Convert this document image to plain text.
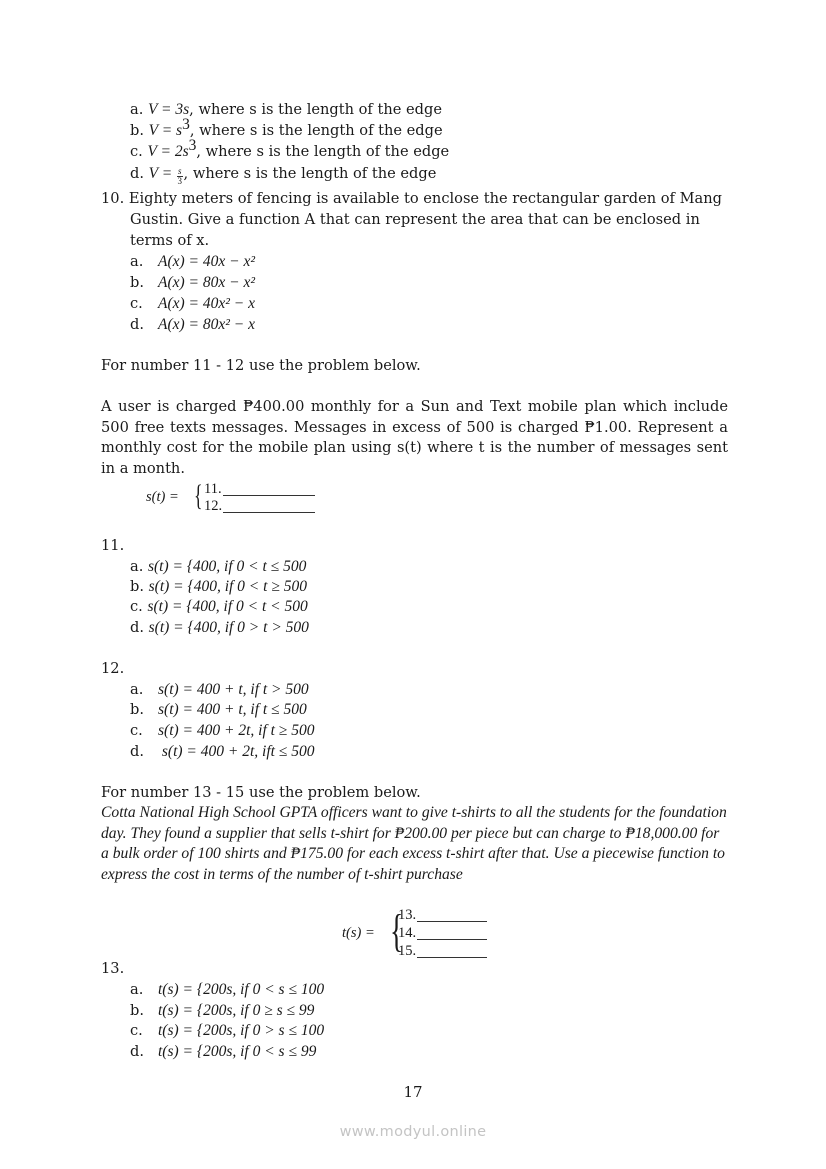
a. V = 3s, where s is the length of the edge
b. $V = s^3$, where s is the length of the edge
c. $V = 2s^3$, where s is the length of the edge
d. $V = \frac{s}{3}$ , where s is the length of the edge
10. Eighty meters of fencing is available to enclose the rectangular garden of Mang
Gustin. Give a function A that can represent the area that can be enclosed in
terms of x.
a. A(x) = 40x − x²
b. A(x) = 80x − x²
c. A(x) = 40x² − x
d. A(x) = 80x² − x
For number 11 - 12 use the problem below.
A user is charged ₱400.00 monthly for a Sun and Text mobile plan which include 500 free texts messages. Messages in excess of 500 is charged ₱1.00. Represent a monthly cost for the mobile plan using s(t) where t is the number of messages sent in a month.
s(t) = { 11.
12.
11.
a. s(t) = {400, if 0 < t ≤ 500
b. s(t) = {400, if 0 < t ≥ 500
c. s(t) = {400, if 0 < t < 500
d. s(t) = {400, if 0 > t > 500
12.
a. s(t) = 400 + t, if t > 500
b. s(t) = 400 + t, if t ≤ 500
c. s(t) = 400 + 2t, if t ≥ 500
d. s(t) = 400 + 2t, ift ≤ 500
For number 13 - 15 use the problem below.
Cotta National High School GPTA officers want to give t-shirts to all the students for the foundation day. They found a supplier that sells t-shirt for ₱200.00 per piece but can charge to ₱18,000.00 for a bulk order of 100 shirts and ₱175.00 for each excess t-shirt after that. Use a piecewise function to express the cost in terms of the number of t-shirt purchase
t(s) = {
13.
14.
15.
13.
a. t(s) = {200s, if 0 < s ≤ 100
b. t(s) = {200s, if 0 ≥ s ≤ 99
c. t(s) = {200s, if 0 > s ≤ 100
d. t(s) = {200s, if 0 < s ≤ 99
17
www.modyul.online
